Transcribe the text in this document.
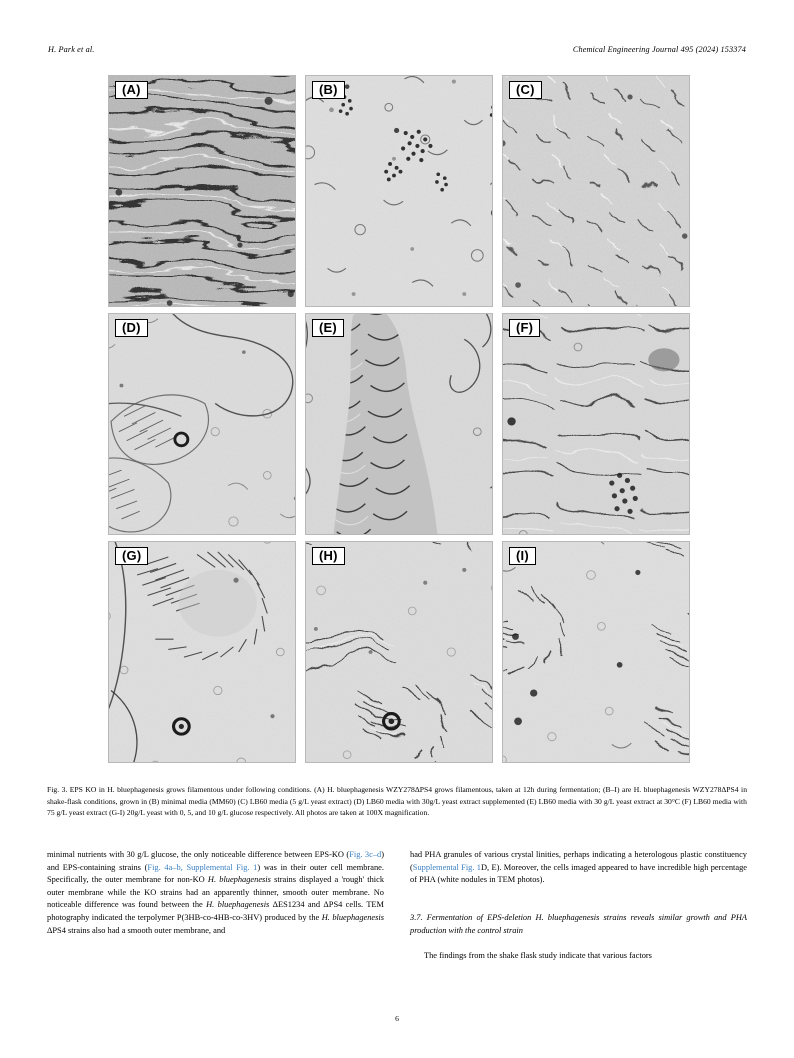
H. Park et al.	Chemical Engineering Journal 495 (2024) 153374
(A)	(B)	(C)
(D)	(E)	(F)
(G)	(H)	(I)
Fig. 3. EPS KO in H. bluephagenesis grows filamentous under following conditions. (A) H. bluephagenesis WZY278ΔPS4 grows filamentous, taken at 12h during fermentation; (B–I) are H. bluephagenesis WZY278ΔPS4 in shake-flask conditions, grown in (B) minimal media (MM60) (C) LB60 media (5 g/L yeast extract) (D) LB60 media with 30g/L yeast extract supplemented (E) LB60 media with 30 g/L yeast extract at 30°C (F) LB60 media with 75 g/L yeast extract (G-I) 20g/L yeast with 0, 5, and 10 g/L glucose respectively. All photos are taken at 100X magnification.

minimal nutrients with 30 g/L glucose, the only noticeable difference between EPS-KO (Fig. 3c–d) and EPS-containing strains (Fig. 4a–b, Supplemental Fig. 1) was in their outer cell membrane. Specifically, the outer membrane for non-KO H. bluephagenesis strains displayed a 'rough' thick outer membrane while the KO strains had an apparently thinner, smooth outer membrane. No noticeable difference was found between the H. bluephagenesis ΔES1234 and ΔPS4 cells. TEM photography indicated the terpolymer P(3HB-co-4HB-co-3HV) produced by the H. bluephagenesis ΔPS4 strains also had a smooth outer membrane, and

had PHA granules of various crystal linities, perhaps indicating a heterologous plastic constituency (Supplemental Fig. 1D, E). Moreover, the cells imaged appeared to have incredible high percentage of PHA (white nodules in TEM photos).

3.7. Fermentation of EPS-deletion H. bluephagenesis strains reveals similar growth and PHA production with the control strain

The findings from the shake flask study indicate that various factors

6
